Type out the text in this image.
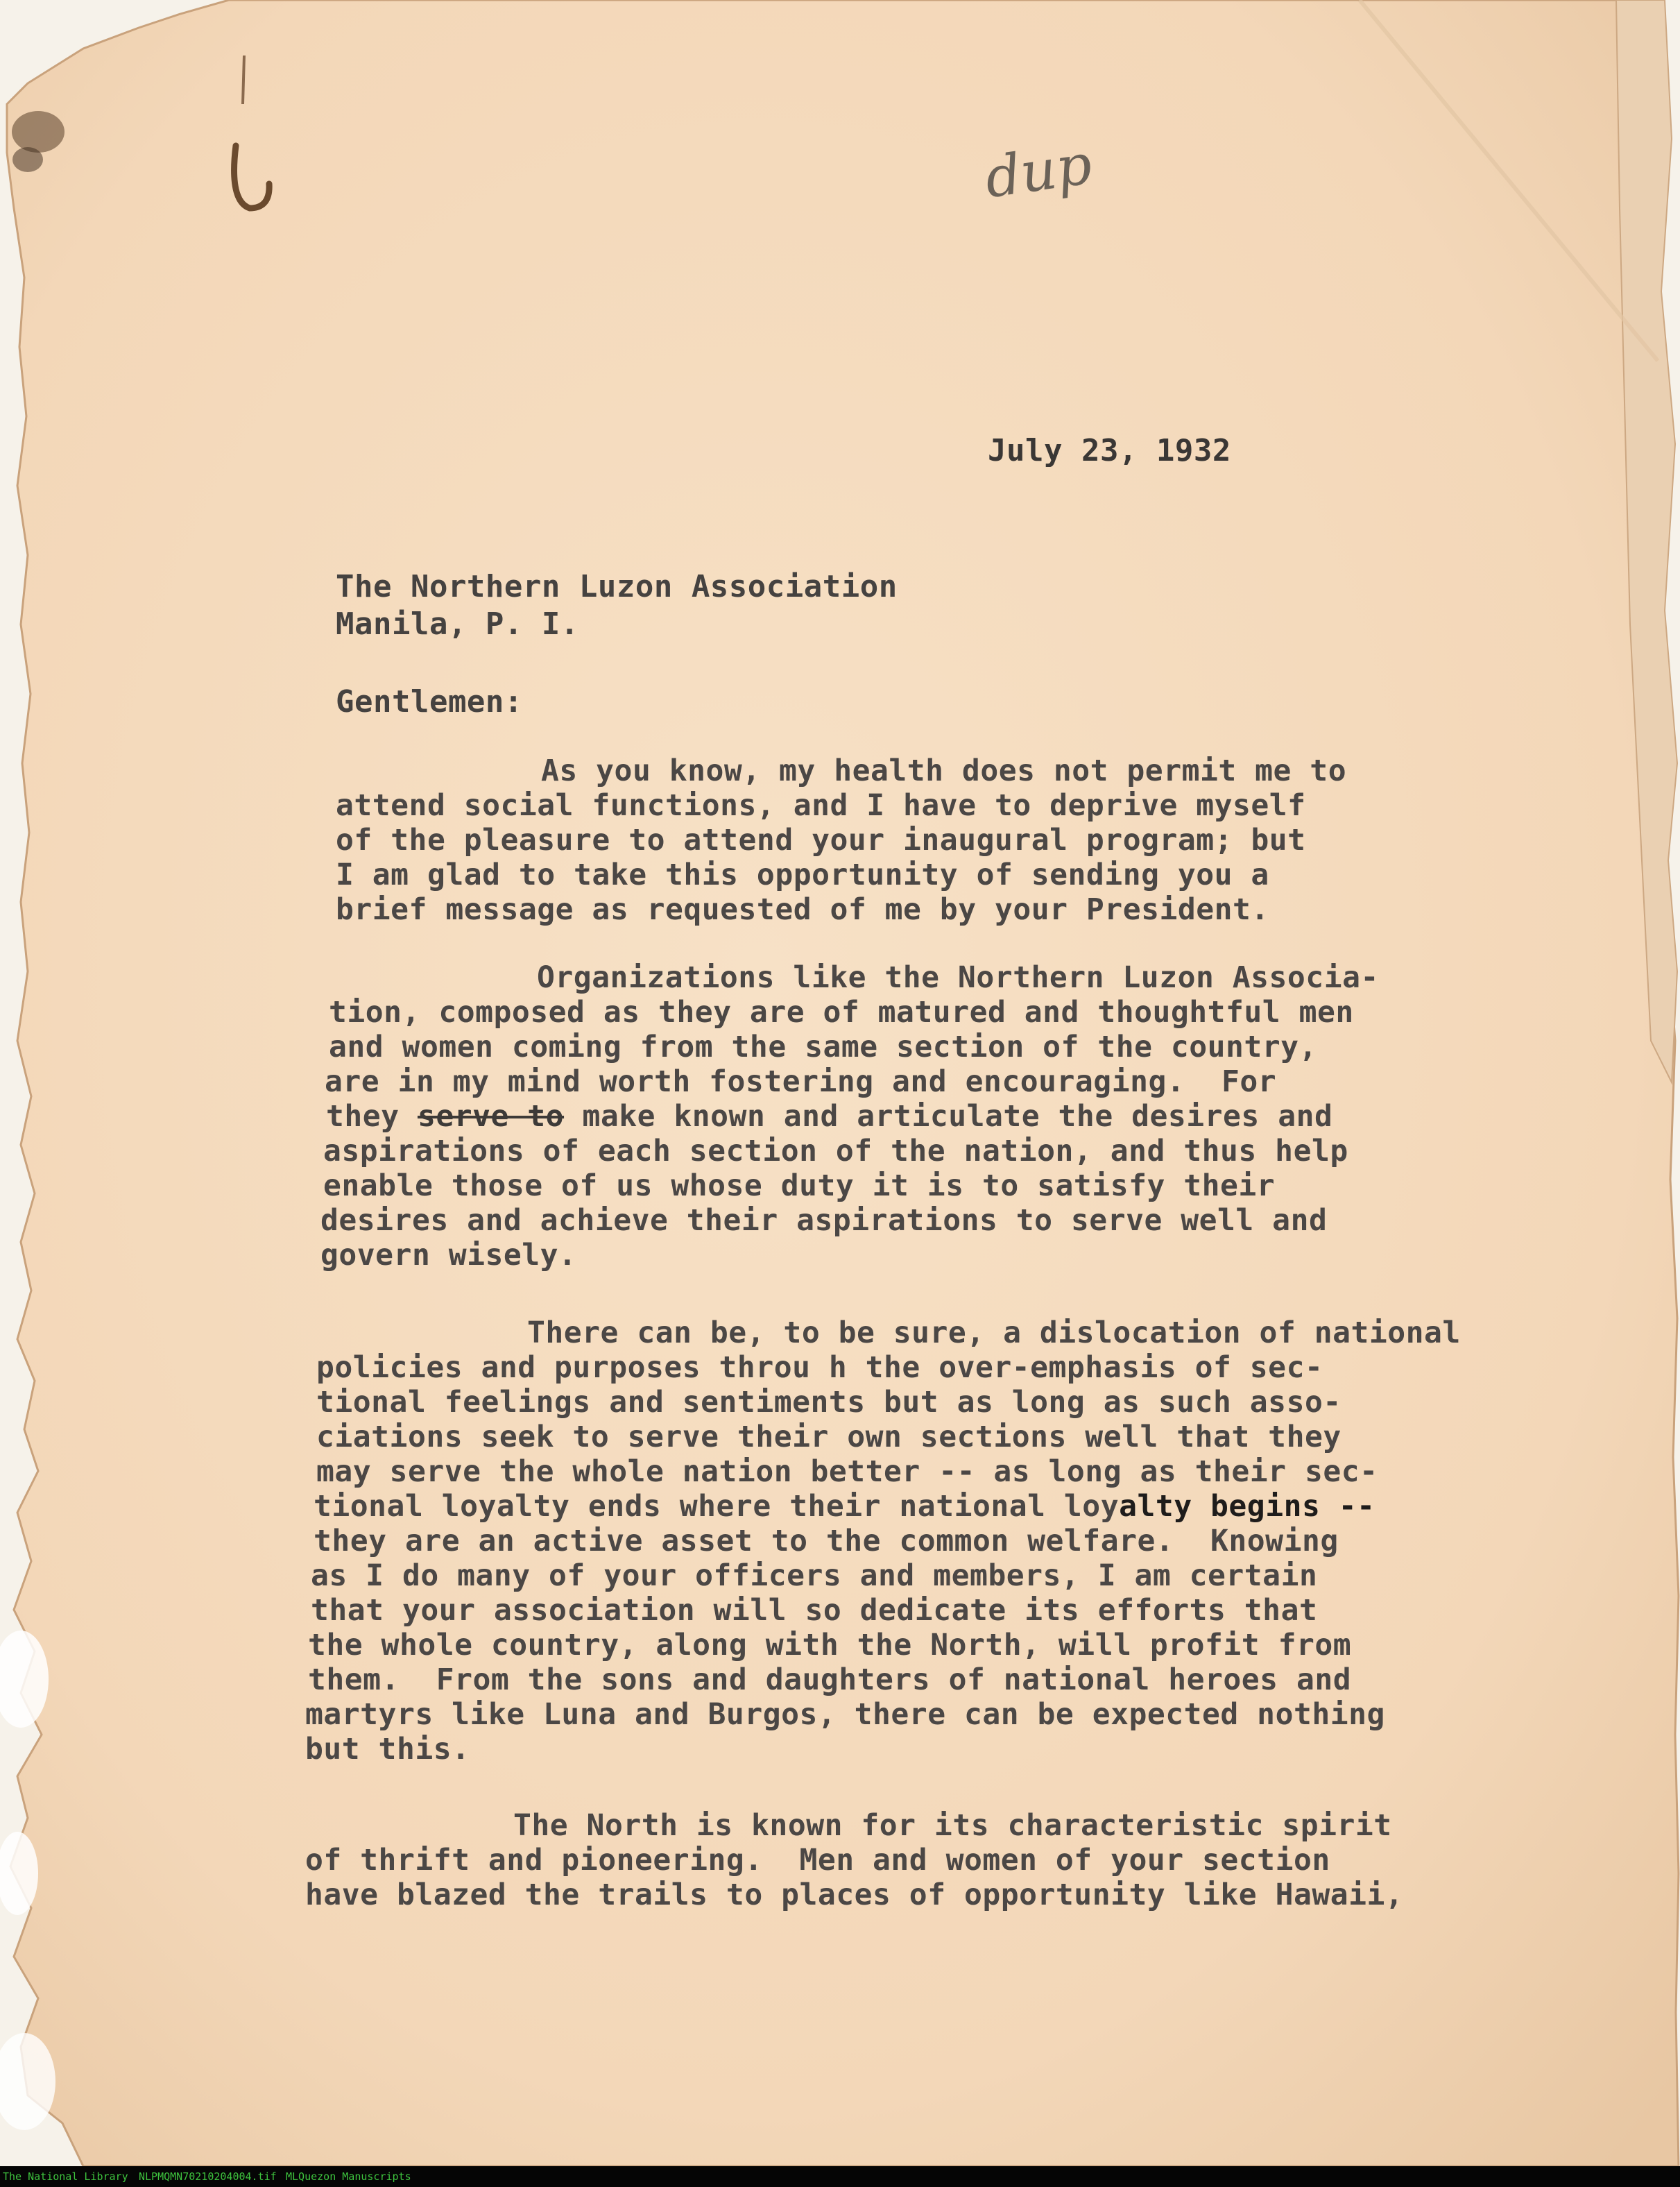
dup
July 23, 1932
The Northern Luzon Association
Manila, P. I.
Gentlemen:
As you know, my health does not permit me to
attend social functions, and I have to deprive myself
of the pleasure to attend your inaugural program; but
I am glad to take this opportunity of sending you a
brief message as requested of me by your President.
Organizations like the Northern Luzon Associa-
tion, composed as they are of matured and thoughtful men
and women coming from the same section of the country,
are in my mind worth fostering and encouraging.  For
they serve to make known and articulate the desires and
aspirations of each section of the nation, and thus help
enable those of us whose duty it is to satisfy their
desires and achieve their aspirations to serve well and
govern wisely.
There can be, to be sure, a dislocation of national
policies and purposes throu h the over-emphasis of sec-
tional feelings and sentiments but as long as such asso-
ciations seek to serve their own sections well that they
may serve the whole nation better -- as long as their sec-
tional loyalty ends where their national loyalty begins --
they are an active asset to the common welfare.  Knowing
as I do many of your officers and members, I am certain
that your association will so dedicate its efforts that
the whole country, along with the North, will profit from
them.  From the sons and daughters of national heroes and
martyrs like Luna and Burgos, there can be expected nothing
but this.
The North is known for its characteristic spirit
of thrift and pioneering.  Men and women of your section
have blazed the trails to places of opportunity like Hawaii,
The National Library NLPMQMN70210204004.tif MLQuezon Manuscripts
